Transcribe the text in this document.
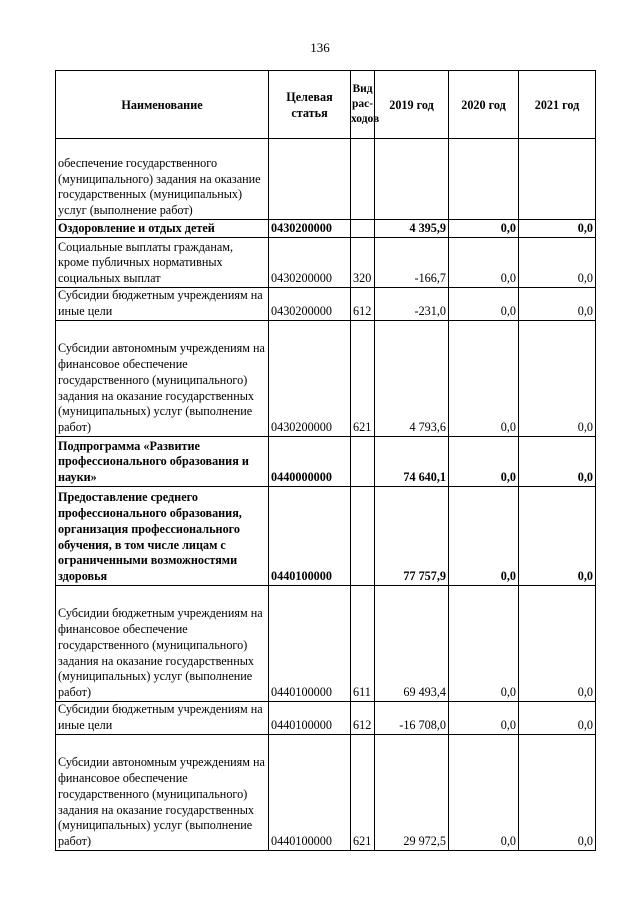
136
Наименование	Целевая статья	Вид рас-ходов	2019 год	2020 год	2021 год
обеспечение государственного (муниципального) задания на оказание государственных (муниципальных) услуг (выполнение работ)					
Оздоровление и отдых детей	0430200000		4 395,9	0,0	0,0
Социальные выплаты гражданам, кроме публичных нормативных социальных выплат	0430200000	320	-166,7	0,0	0,0
Субсидии бюджетным учреждениям на иные цели	0430200000	612	-231,0	0,0	0,0
Субсидии автономным учреждениям на финансовое обеспечение государственного (муниципального) задания на оказание государственных (муниципальных) услуг (выполнение работ)	0430200000	621	4 793,6	0,0	0,0
Подпрограмма «Развитие профессионального образования и науки»	0440000000		74 640,1	0,0	0,0
Предоставление среднего профессионального образования, организация профессионального обучения, в том числе лицам с ограниченными возможностями здоровья	0440100000		77 757,9	0,0	0,0
Субсидии бюджетным учреждениям на финансовое обеспечение государственного (муниципального) задания на оказание государственных (муниципальных) услуг (выполнение работ)	0440100000	611	69 493,4	0,0	0,0
Субсидии бюджетным учреждениям на иные цели	0440100000	612	-16 708,0	0,0	0,0
Субсидии автономным учреждениям на финансовое обеспечение государственного (муниципального) задания на оказание государственных (муниципальных) услуг (выполнение работ)	0440100000	621	29 972,5	0,0	0,0
